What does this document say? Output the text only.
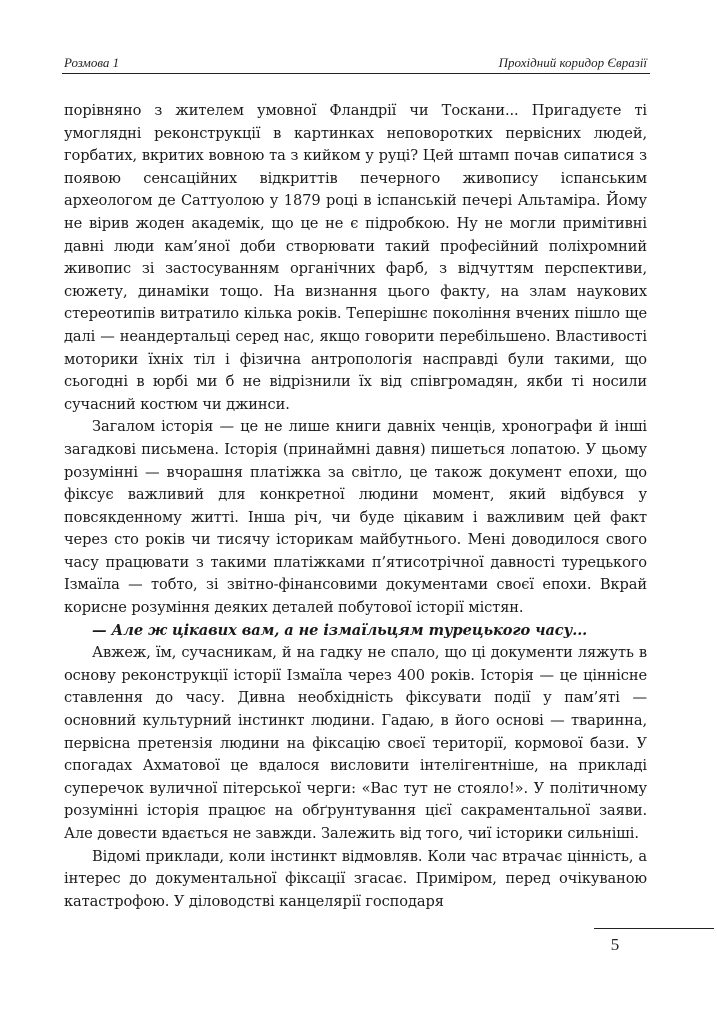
Розмова 1	Прохідний коридор Євразії

порівняно з жителем умовної Фландрії чи Тоскани... Пригадуєте ті умоглядні реконструкції в картинках неповоротких первісних людей, горбатих, вкритих вовною та з кийком у руці? Цей штамп почав сипатися з появою сенсаційних відкриттів печерного живопису іспанським археологом де Саттуолою у 1879 році в іспанській печері Альтаміра. Йому не вірив жоден академік, що це не є підробкою. Ну не могли примітивні давні люди кам’яної доби створювати такий професійний поліхромний живопис зі застосуванням органічних фарб, з відчуттям перспективи, сюжету, динаміки тощо. На визнання цього факту, на злам наукових стереотипів витратило кілька років. Теперішнє покоління вчених пішло ще далі — неандертальці серед нас, якщо говорити перебільшено. Властивості моторики їхніх тіл і фізична антропологія насправді були такими, що сьогодні в юрбі ми б не відрізнили їх від співгромадян, якби ті носили сучасний костюм чи джинси.

Загалом історія — це не лише книги давніх ченців, хронографи й інші загадкові письмена. Історія (принаймні давня) пишеться лопатою. У цьому розумінні — вчорашня платіжка за світло, це також документ епохи, що фіксує важливий для конкретної людини момент, який відбувся у повсякденному житті. Інша річ, чи буде цікавим і важливим цей факт через сто років чи тисячу історикам майбутнього. Мені доводилося свого часу працювати з такими платіжками п’ятисотрічної давності турецького Ізмаїла — тобто, зі звітно-фінансовими документами своєї епохи. Вкрай корисне розуміння деяких деталей побутової історії містян.

— Але ж цікавих вам, а не ізмаїльцям турецького часу...

Авжеж, їм, сучасникам, й на гадку не спало, що ці документи ляжуть в основу реконструкції історії Ізмаїла через 400 років. Історія — це ціннісне ставлення до часу. Дивна необхідність фіксувати події у пам’яті — основний культурний інстинкт людини. Гадаю, в його основі — тваринна, первісна претензія людини на фіксацію своєї території, кормової бази. У спогадах Ахматової це вдалося висловити інтелігентніше, на прикладі суперечок вуличної пітерської черги: «Вас тут не стояло!». У політичному розумінні історія працює на обґрунтування цієї сакраментальної заяви. Але довести вдається не завжди. Залежить від того, чиї історики сильніші.

Відомі приклади, коли інстинкт відмовляв. Коли час втрачає цінність, а інтерес до документальної фіксації згасає. Приміром, перед очікуваною катастрофою. У діловодстві канцелярії господаря

5
